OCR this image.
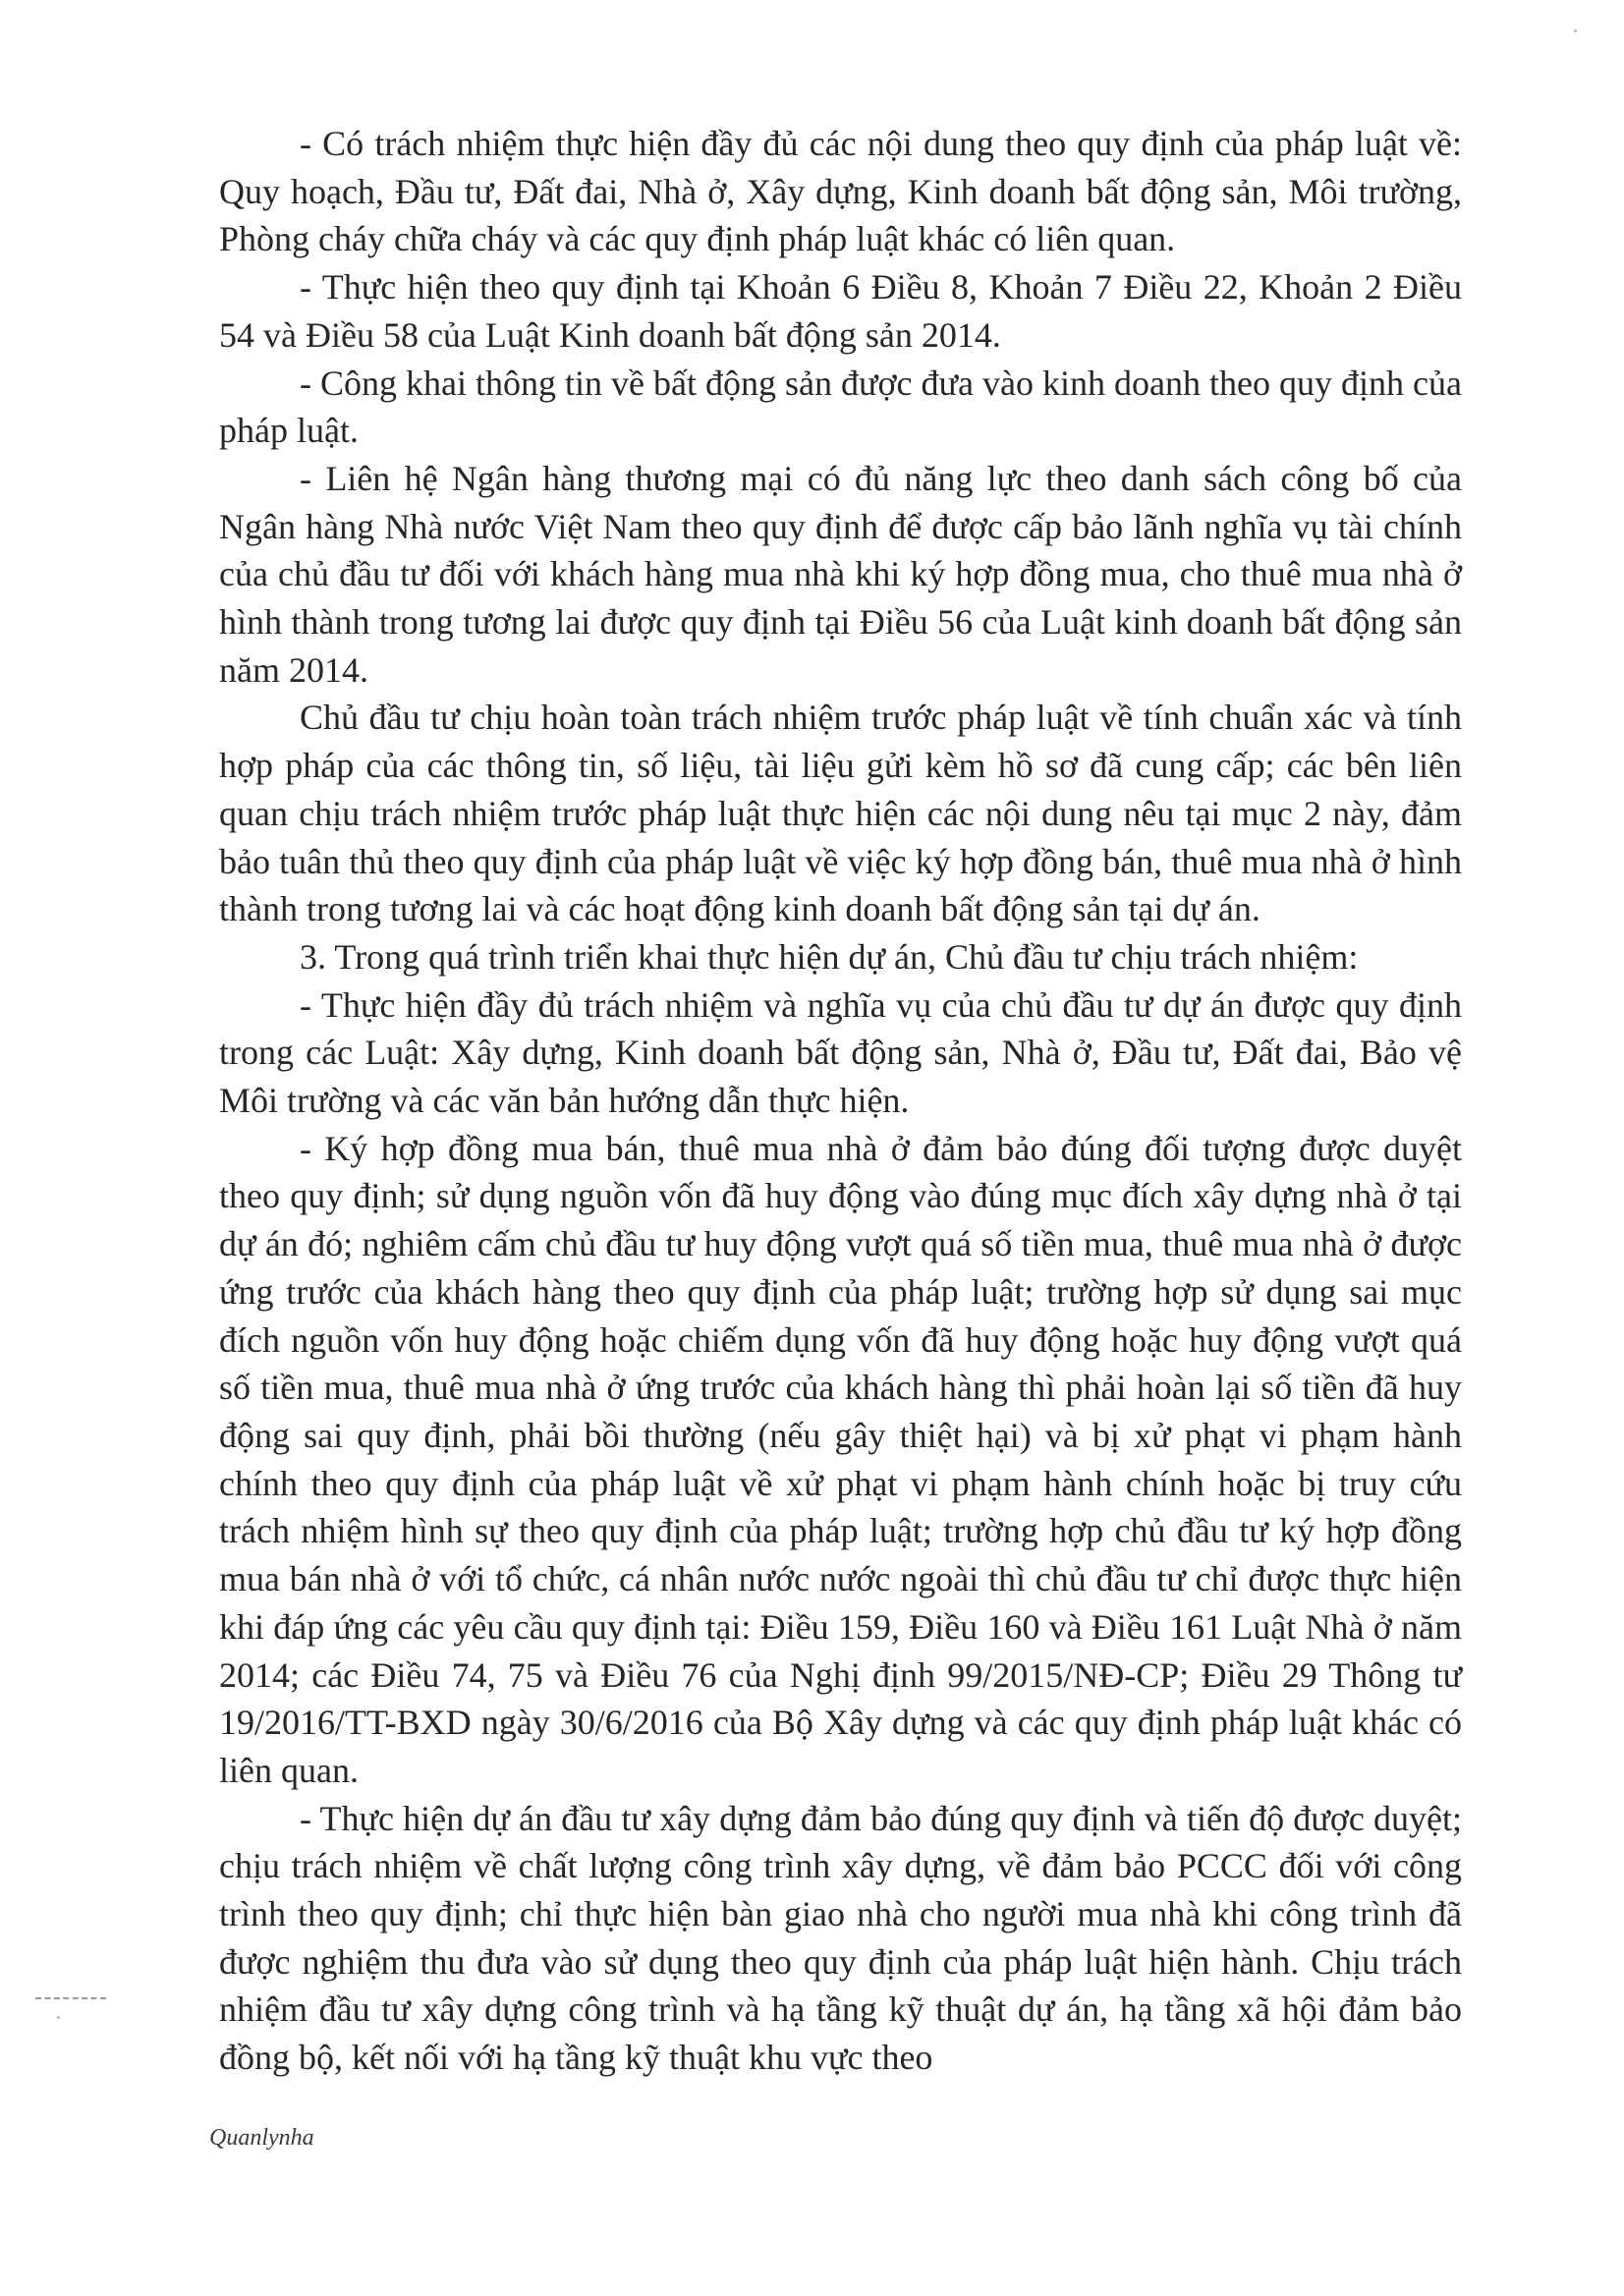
- Có trách nhiệm thực hiện đầy đủ các nội dung theo quy định của pháp luật về: Quy hoạch, Đầu tư, Đất đai, Nhà ở, Xây dựng, Kinh doanh bất động sản, Môi trường, Phòng cháy chữa cháy và các quy định pháp luật khác có liên quan.

- Thực hiện theo quy định tại Khoản 6 Điều 8, Khoản 7 Điều 22, Khoản 2 Điều 54 và Điều 58 của Luật Kinh doanh bất động sản 2014.

- Công khai thông tin về bất động sản được đưa vào kinh doanh theo quy định của pháp luật.

- Liên hệ Ngân hàng thương mại có đủ năng lực theo danh sách công bố của Ngân hàng Nhà nước Việt Nam theo quy định để được cấp bảo lãnh nghĩa vụ tài chính của chủ đầu tư đối với khách hàng mua nhà khi ký hợp đồng mua, cho thuê mua nhà ở hình thành trong tương lai được quy định tại Điều 56 của Luật kinh doanh bất động sản năm 2014.

Chủ đầu tư chịu hoàn toàn trách nhiệm trước pháp luật về tính chuẩn xác và tính hợp pháp của các thông tin, số liệu, tài liệu gửi kèm hồ sơ đã cung cấp; các bên liên quan chịu trách nhiệm trước pháp luật thực hiện các nội dung nêu tại mục 2 này, đảm bảo tuân thủ theo quy định của pháp luật về việc ký hợp đồng bán, thuê mua nhà ở hình thành trong tương lai và các hoạt động kinh doanh bất động sản tại dự án.

3. Trong quá trình triển khai thực hiện dự án, Chủ đầu tư chịu trách nhiệm:

- Thực hiện đầy đủ trách nhiệm và nghĩa vụ của chủ đầu tư dự án được quy định trong các Luật: Xây dựng, Kinh doanh bất động sản, Nhà ở, Đầu tư, Đất đai, Bảo vệ Môi trường và các văn bản hướng dẫn thực hiện.

- Ký hợp đồng mua bán, thuê mua nhà ở đảm bảo đúng đối tượng được duyệt theo quy định; sử dụng nguồn vốn đã huy động vào đúng mục đích xây dựng nhà ở tại dự án đó; nghiêm cấm chủ đầu tư huy động vượt quá số tiền mua, thuê mua nhà ở được ứng trước của khách hàng theo quy định của pháp luật; trường hợp sử dụng sai mục đích nguồn vốn huy động hoặc chiếm dụng vốn đã huy động hoặc huy động vượt quá số tiền mua, thuê mua nhà ở ứng trước của khách hàng thì phải hoàn lại số tiền đã huy động sai quy định, phải bồi thường (nếu gây thiệt hại) và bị xử phạt vi phạm hành chính theo quy định của pháp luật về xử phạt vi phạm hành chính hoặc bị truy cứu trách nhiệm hình sự theo quy định của pháp luật; trường hợp chủ đầu tư ký hợp đồng mua bán nhà ở với tổ chức, cá nhân nước nước ngoài thì chủ đầu tư chỉ được thực hiện khi đáp ứng các yêu cầu quy định tại: Điều 159, Điều 160 và Điều 161 Luật Nhà ở năm 2014; các Điều 74, 75 và Điều 76 của Nghị định 99/2015/NĐ-CP; Điều 29 Thông tư 19/2016/TT-BXD ngày 30/6/2016 của Bộ Xây dựng và các quy định pháp luật khác có liên quan.

- Thực hiện dự án đầu tư xây dựng đảm bảo đúng quy định và tiến độ được duyệt; chịu trách nhiệm về chất lượng công trình xây dựng, về đảm bảo PCCC đối với công trình theo quy định; chỉ thực hiện bàn giao nhà cho người mua nhà khi công trình đã được nghiệm thu đưa vào sử dụng theo quy định của pháp luật hiện hành. Chịu trách nhiệm đầu tư xây dựng công trình và hạ tầng kỹ thuật dự án, hạ tầng xã hội đảm bảo đồng bộ, kết nối với hạ tầng kỹ thuật khu vực theo

Quanlynha
